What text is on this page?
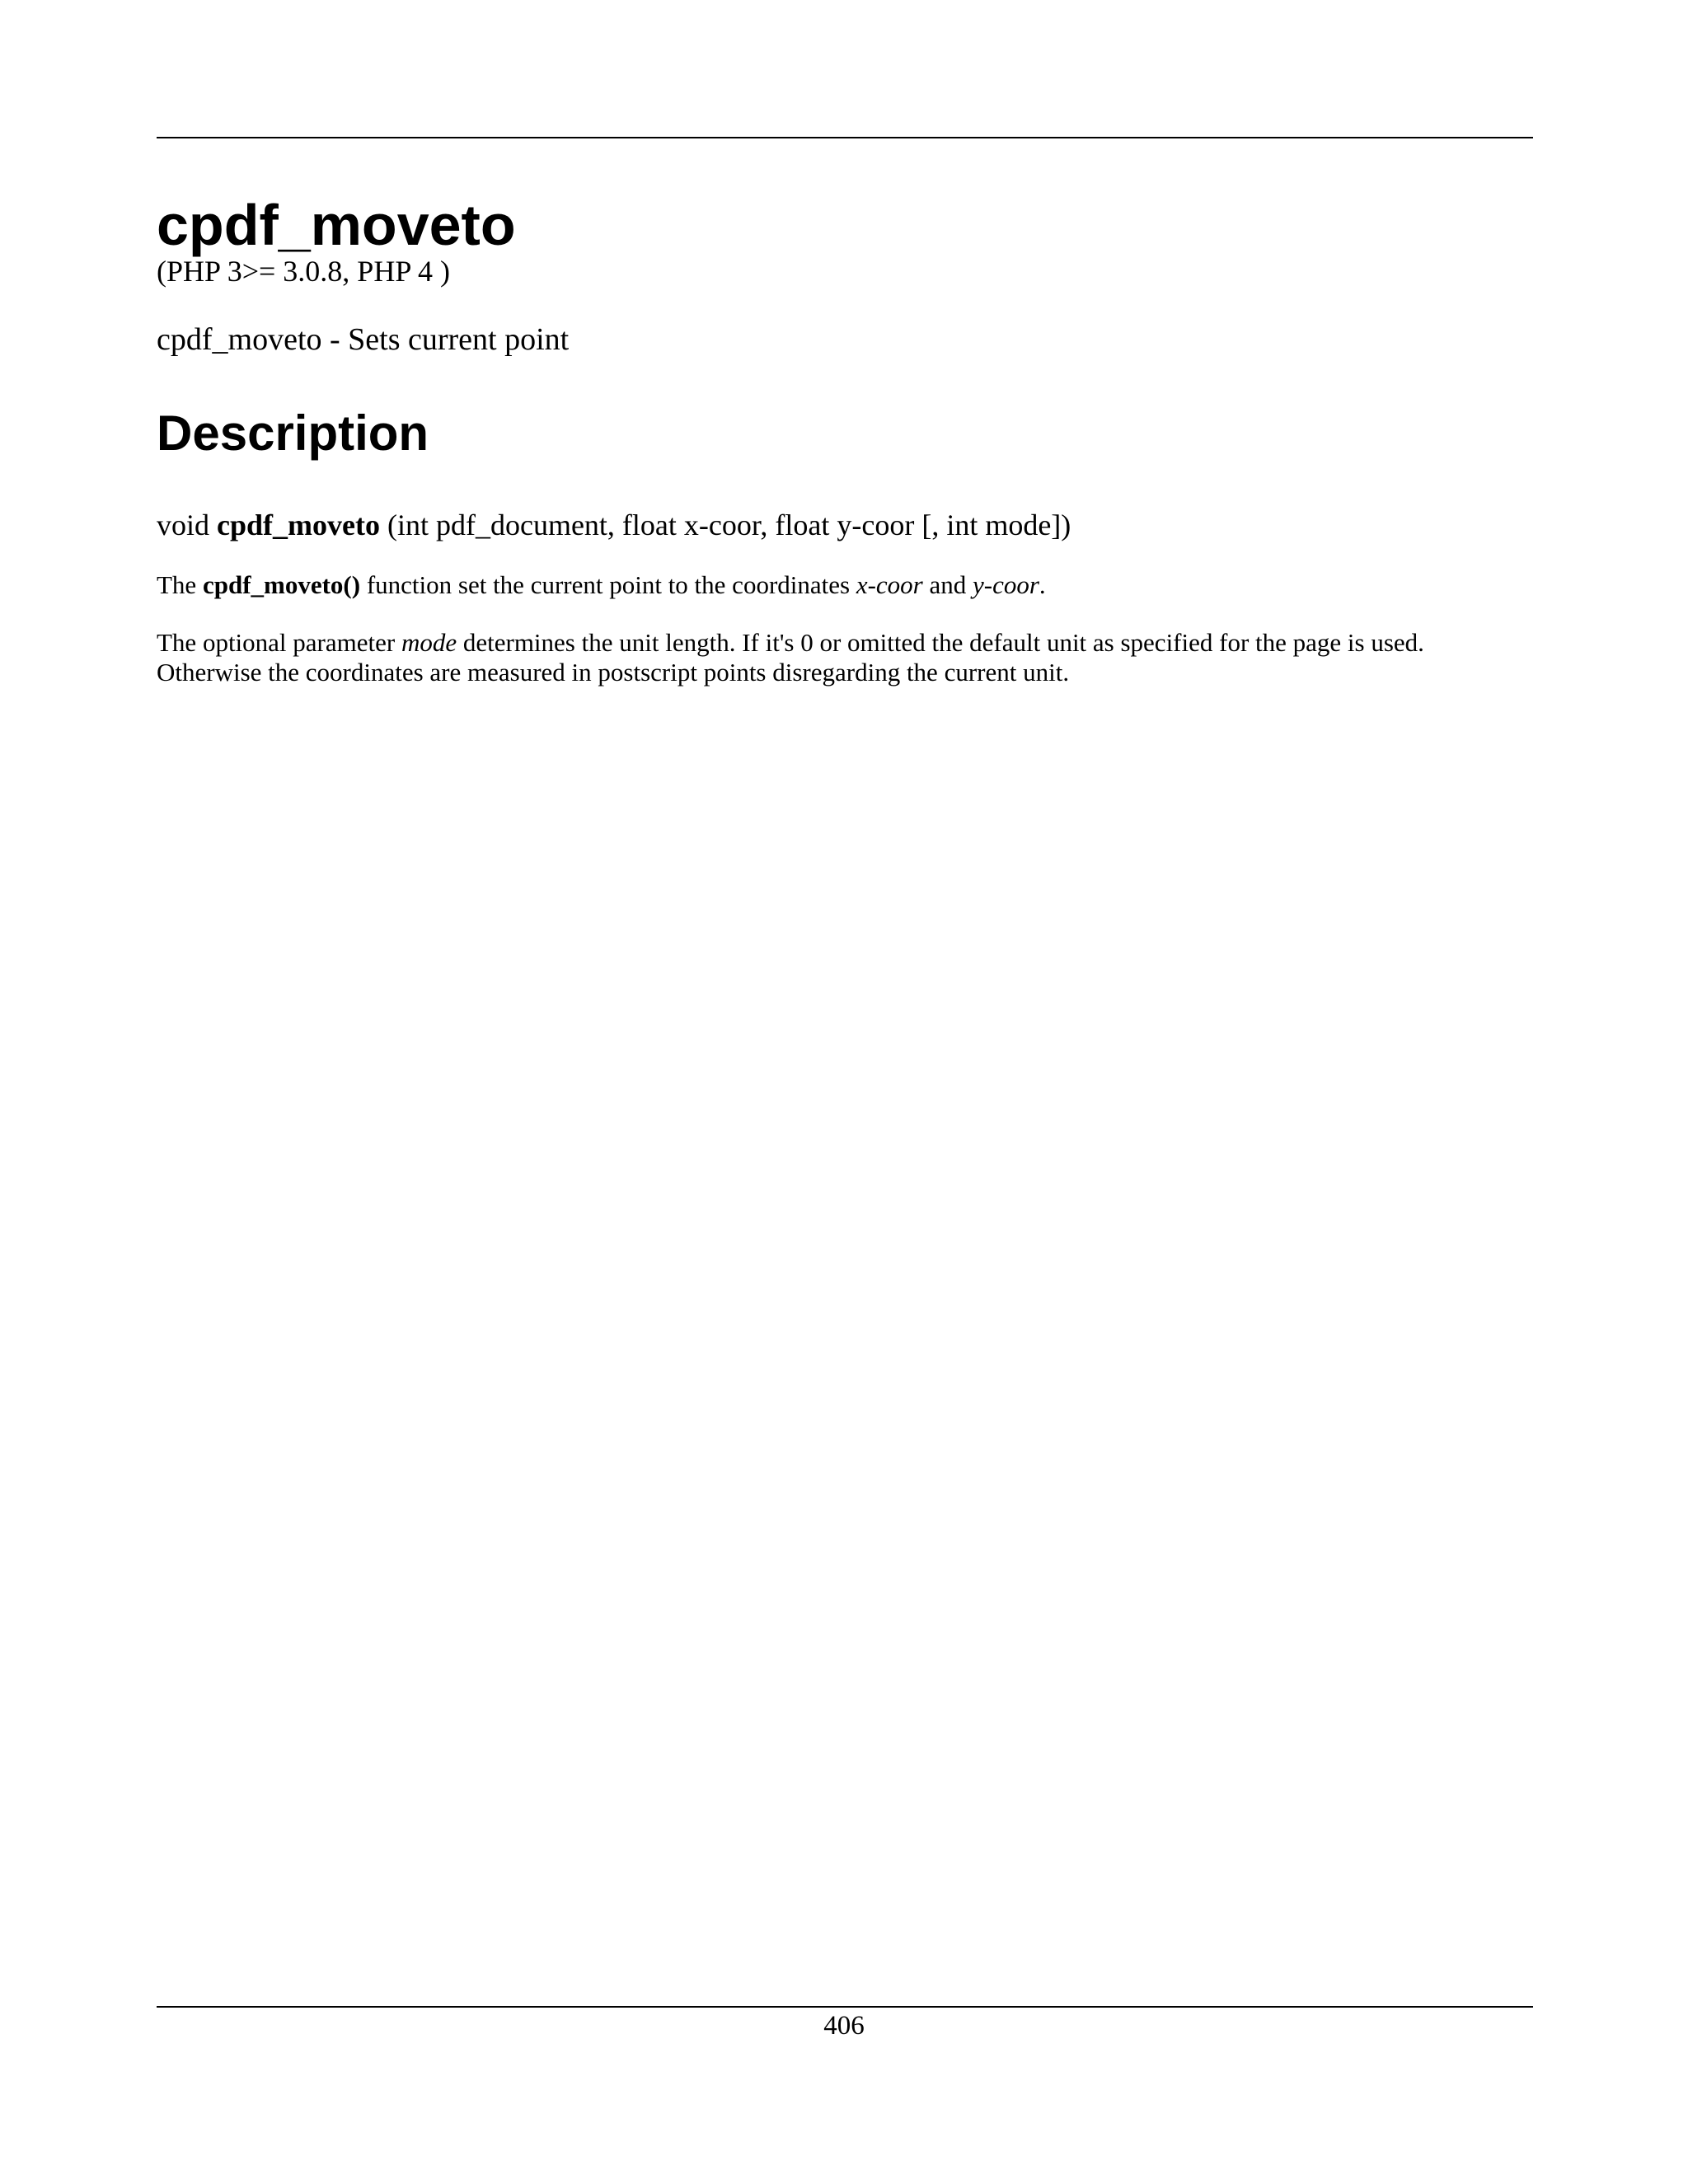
cpdf_moveto
(PHP 3>= 3.0.8, PHP 4 )
cpdf_moveto - Sets current point
Description
void cpdf_moveto (int pdf_document, float x-coor, float y-coor [, int mode])

The cpdf_moveto() function set the current point to the coordinates x-coor and y-coor.

The optional parameter mode determines the unit length. If it's 0 or omitted the default unit as specified for the page is used.
Otherwise the coordinates are measured in postscript points disregarding the current unit.

406
